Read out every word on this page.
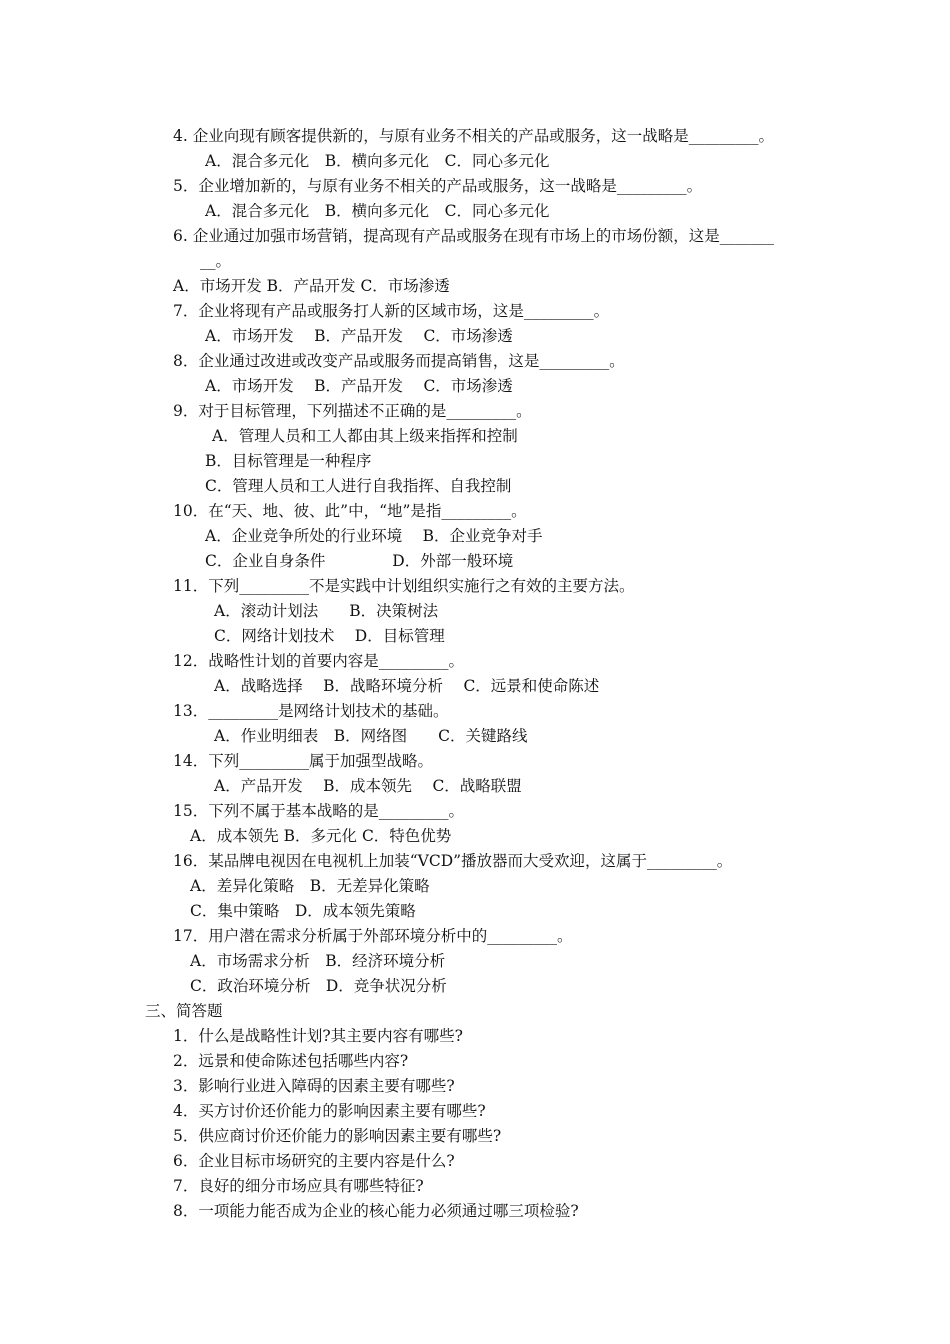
4. 企业向现有顾客提供新的，与原有业务不相关的产品或服务，这一战略是_________。
A．混合多元化　B．横向多元化　C．同心多元化
5．企业增加新的，与原有业务不相关的产品或服务，这一战略是_________。
A．混合多元化　B．横向多元化　C．同心多元化
6. 企业通过加强市场营销，提高现有产品或服务在现有市场上的市场份额，这是_______
__。
A．市场开发 B．产品开发 C．市场渗透
7．企业将现有产品或服务打人新的区域市场，这是_________。
A．市场开发　 B．产品开发　 C．市场渗透
8．企业通过改进或改变产品或服务而提高销售，这是_________。
A．市场开发　 B．产品开发　 C．市场渗透
9．对于目标管理，下列描述不正确的是_________。
A．管理人员和工人都由其上级来指挥和控制
B．目标管理是一种程序
C．管理人员和工人进行自我指挥、自我控制
10．在“天、地、彼、此”中，“地”是指_________。
A．企业竞争所处的行业环境　 B．企业竞争对手
C．企业自身条件　　　　 D．外部一般环境
11．下列_________不是实践中计划组织实施行之有效的主要方法。
A．滚动计划法　　B．决策树法
C．网络计划技术　 D．目标管理
12．战略性计划的首要内容是_________。
A．战略选择　 B．战略环境分析　 C．远景和使命陈述
13．_________是网络计划技术的基础。
A．作业明细表　B．网络图　　C．关键路线
14．下列_________属于加强型战略。
A．产品开发　 B．成本领先　 C．战略联盟
15．下列不属于基本战略的是_________。
A．成本领先 B．多元化 C．特色优势
16．某品牌电视因在电视机上加装“VCD”播放器而大受欢迎，这属于_________。
A．差异化策略　B．无差异化策略
C．集中策略　D．成本领先策略
17．用户潜在需求分析属于外部环境分析中的_________。
A．市场需求分析　B．经济环境分析
C．政治环境分析　D．竞争状况分析
三、简答题
1．什么是战略性计划?其主要内容有哪些?
2．远景和使命陈述包括哪些内容?
3．影响行业进入障碍的因素主要有哪些?
4．买方讨价还价能力的影响因素主要有哪些?
5．供应商讨价还价能力的影响因素主要有哪些?
6．企业目标市场研究的主要内容是什么?
7．良好的细分市场应具有哪些特征?
8．一项能力能否成为企业的核心能力必须通过哪三项检验?
